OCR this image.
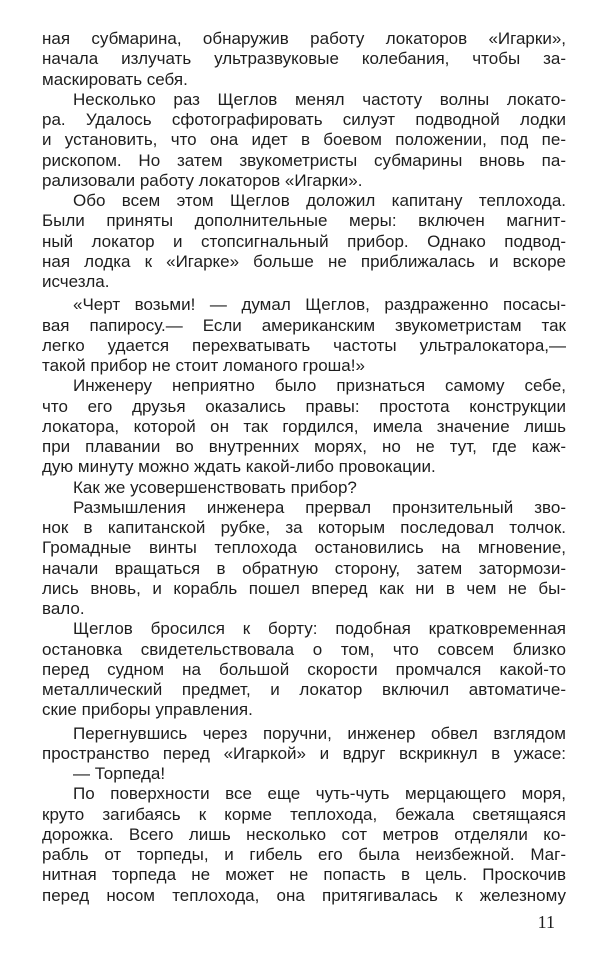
ная субмарина, обнаружив работу локаторов «Игарки»,
начала излучать ультразвуковые колебания, чтобы за-
маскировать себя.
Несколько раз Щеглов менял частоту волны локато-
ра. Удалось сфотографировать силуэт подводной лодки
и установить, что она идет в боевом положении, под пе-
рископом. Но затем звукометристы субмарины вновь па-
рализовали работу локаторов «Игарки».
Обо всем этом Щеглов доложил капитану теплохода.
Были приняты дополнительные меры: включен магнит-
ный локатор и стопсигнальный прибор. Однако подвод-
ная лодка к «Игарке» больше не приближалась и вскоре
исчезла.
«Черт возьми! — думал Щеглов, раздраженно посасы-
вая папиросу.— Если американским звукометристам так
легко удается перехватывать частоты ультралокатора,—
такой прибор не стоит ломаного гроша!»
Инженеру неприятно было признаться самому себе,
что его друзья оказались правы: простота конструкции
локатора, которой он так гордился, имела значение лишь
при плавании во внутренних морях, но не тут, где каж-
дую минуту можно ждать какой-либо провокации.
Как же усовершенствовать прибор?
Размышления инженера прервал пронзительный зво-
нок в капитанской рубке, за которым последовал толчок.
Громадные винты теплохода остановились на мгновение,
начали вращаться в обратную сторону, затем затормози-
лись вновь, и корабль пошел вперед как ни в чем не бы-
вало.
Щеглов бросился к борту: подобная кратковременная
остановка свидетельствовала о том, что совсем близко
перед судном на большой скорости промчался какой-то
металлический предмет, и локатор включил автоматиче-
ские приборы управления.
Перегнувшись через поручни, инженер обвел взглядом
пространство перед «Игаркой» и вдруг вскрикнул в ужасе:
— Торпеда!
По поверхности все еще чуть-чуть мерцающего моря,
круто загибаясь к корме теплохода, бежала светящаяся
дорожка. Всего лишь несколько сот метров отделяли ко-
рабль от торпеды, и гибель его была неизбежной. Маг-
нитная торпеда не может не попасть в цель. Проскочив
перед носом теплохода, она притягивалась к железному
11
